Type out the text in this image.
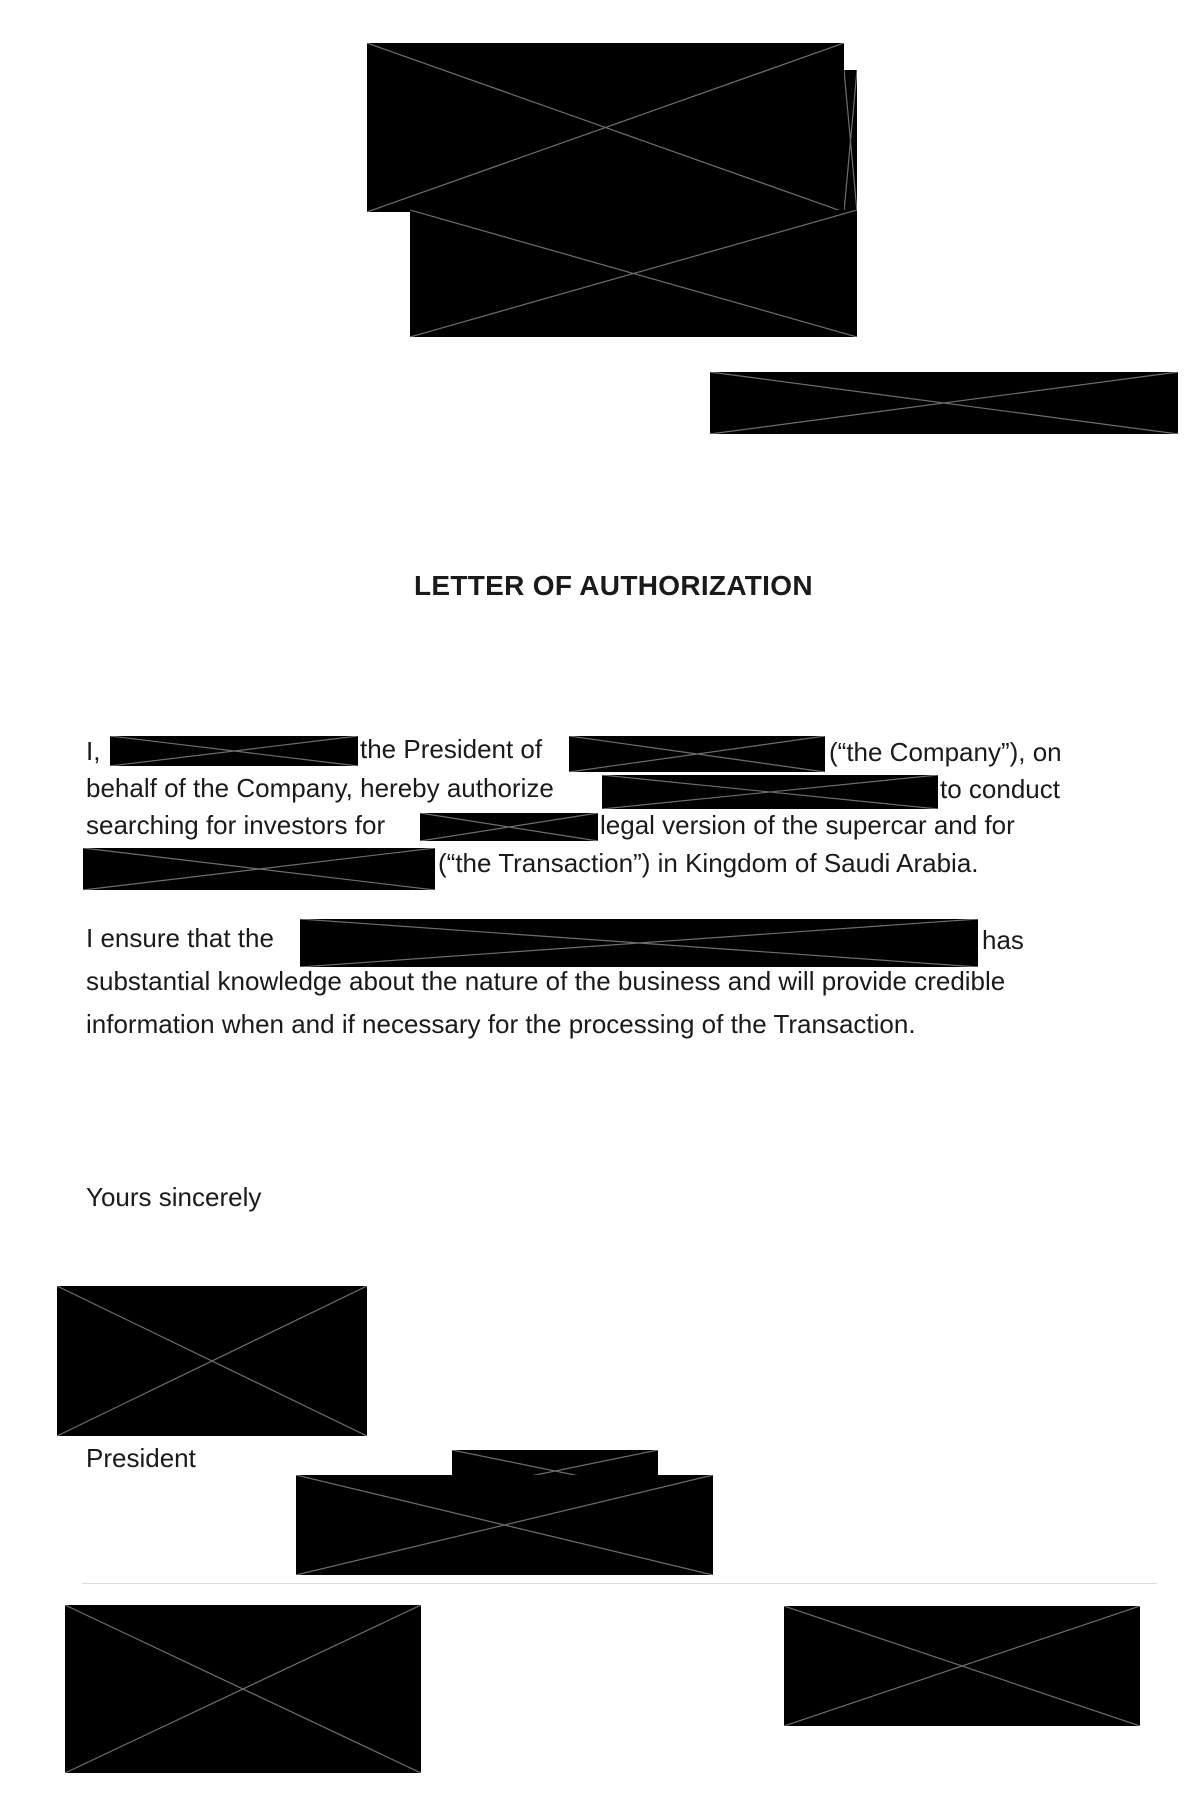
LETTER OF AUTHORIZATION
I,	the President of	(“the Company”), on
behalf of the Company, hereby authorize	to conduct
searching for investors for	legal version of the supercar and for
(“the Transaction”) in Kingdom of Saudi Arabia.
I ensure that the	has
substantial knowledge about the nature of the business and will provide credible
information when and if necessary for the processing of the Transaction.
Yours sincerely
President
